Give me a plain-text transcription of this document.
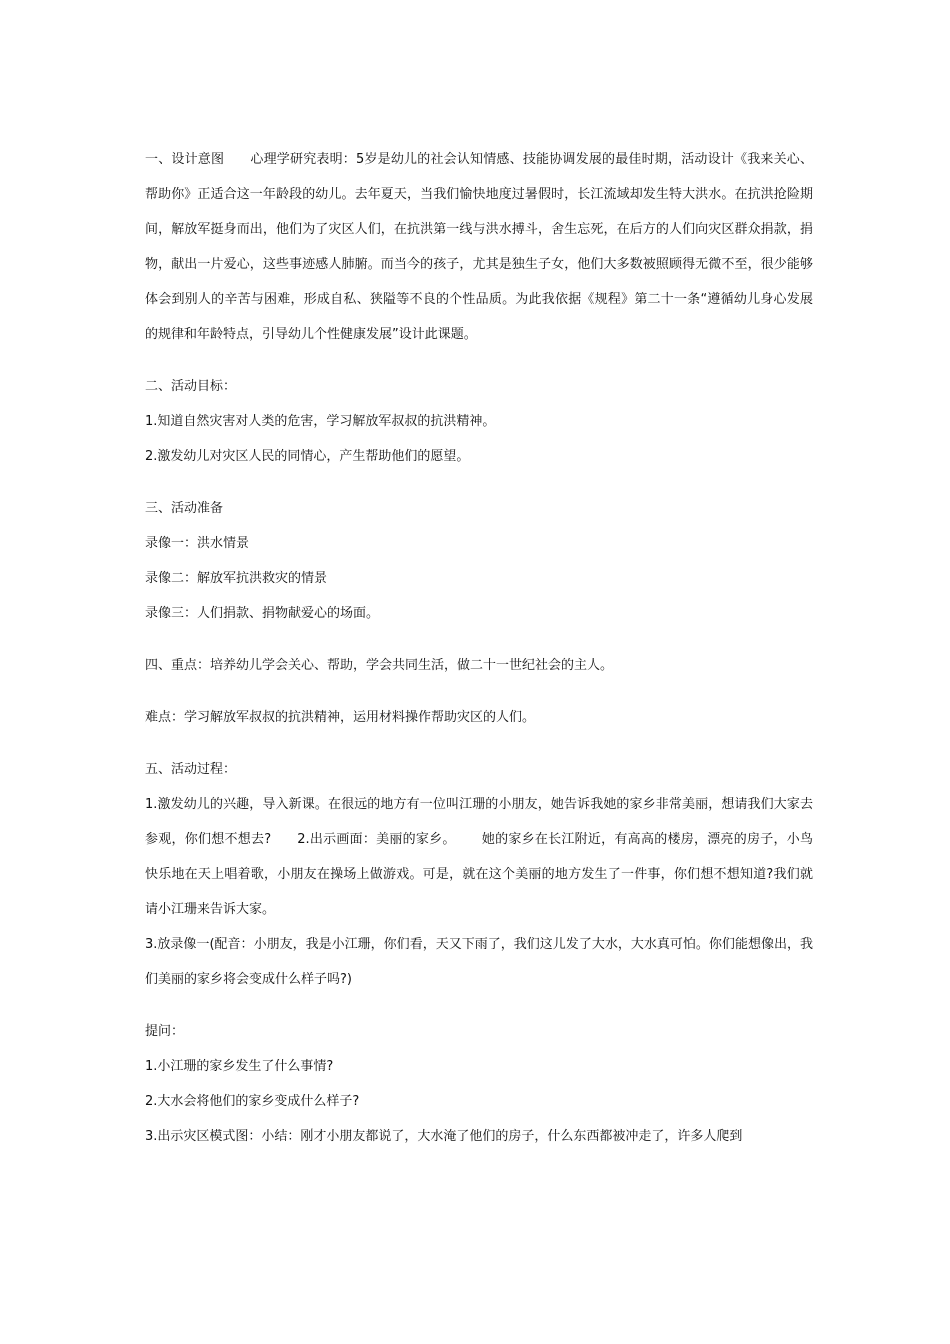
一、设计意图 心理学研究表明：5岁是幼儿的社会认知情感、技能协调发展的最佳时期，活动设计《我来关心、帮助你》正适合这一年龄段的幼儿。去年夏天，当我们愉快地度过暑假时，长江流域却发生特大洪水。在抗洪抢险期间，解放军挺身而出，他们为了灾区人们，在抗洪第一线与洪水搏斗，舍生忘死，在后方的人们向灾区群众捐款，捐物，献出一片爱心，这些事迹感人肺腑。而当今的孩子，尤其是独生子女，他们大多数被照顾得无微不至，很少能够体会到别人的辛苦与困难，形成自私、狭隘等不良的个性品质。为此我依据《规程》第二十一条“遵循幼儿身心发展的规律和年龄特点，引导幼儿个性健康发展”设计此课题。

二、活动目标：

1.知道自然灾害对人类的危害，学习解放军叔叔的抗洪精神。

2.激发幼儿对灾区人民的同情心，产生帮助他们的愿望。

三、活动准备

录像一：洪水情景

录像二：解放军抗洪救灾的情景

录像三：人们捐款、捐物献爱心的场面。

四、重点：培养幼儿学会关心、帮助，学会共同生活，做二十一世纪社会的主人。

难点：学习解放军叔叔的抗洪精神，运用材料操作帮助灾区的人们。

五、活动过程：

1.激发幼儿的兴趣，导入新课。在很远的地方有一位叫江珊的小朋友，她告诉我她的家乡非常美丽，想请我们大家去参观，你们想不想去? 2.出示画面：美丽的家乡。 她的家乡在长江附近，有高高的楼房，漂亮的房子，小鸟快乐地在天上唱着歌，小朋友在操场上做游戏。可是，就在这个美丽的地方发生了一件事，你们想不想知道?我们就请小江珊来告诉大家。

3.放录像一(配音：小朋友，我是小江珊，你们看，天又下雨了，我们这儿发了大水，大水真可怕。你们能想像出，我们美丽的家乡将会变成什么样子吗?)

提问：

1.小江珊的家乡发生了什么事情?

2.大水会将他们的家乡变成什么样子?

3.出示灾区模式图：小结：刚才小朋友都说了，大水淹了他们的房子，什么东西都被冲走了，许多人爬到
